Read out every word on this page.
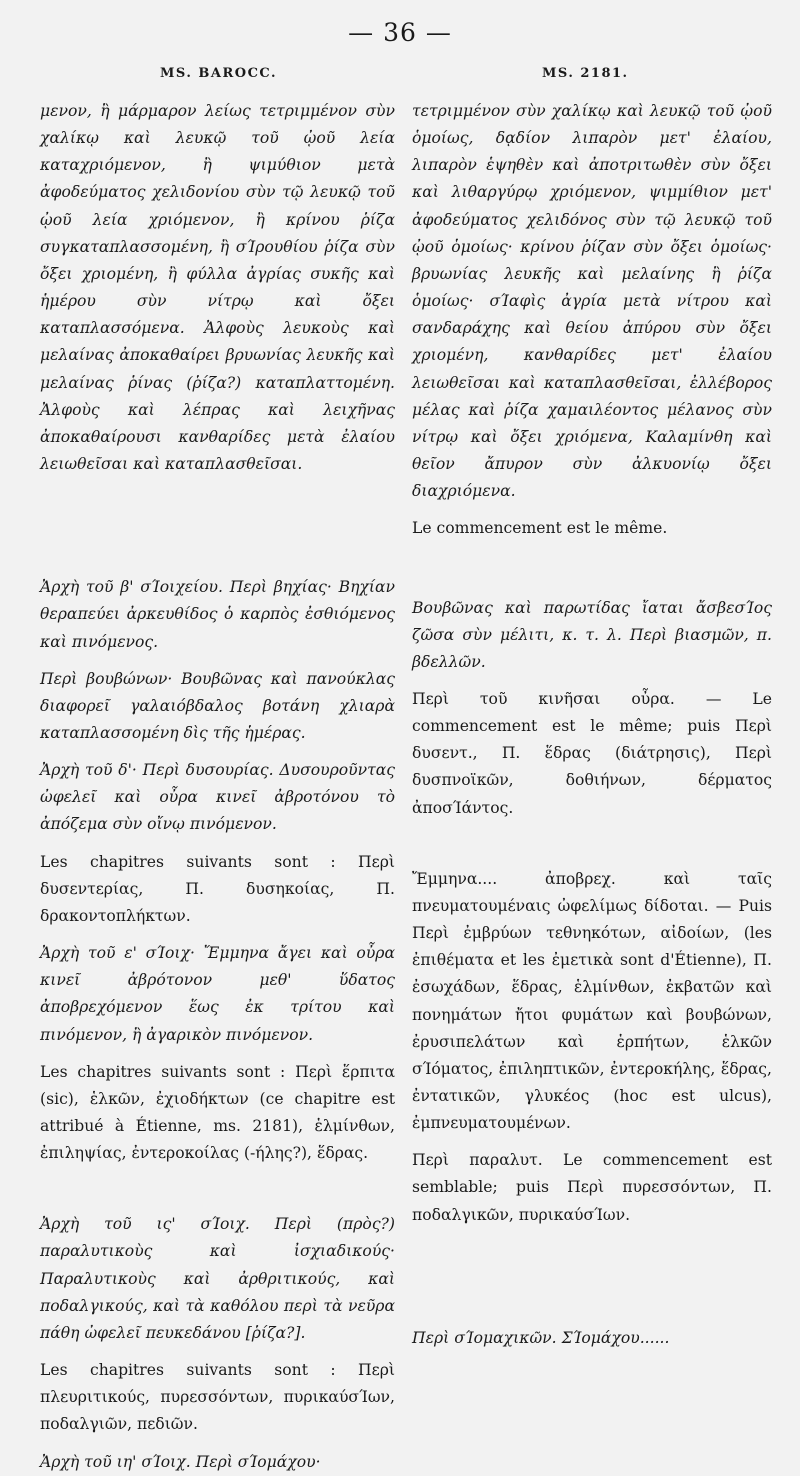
— 36 —
MS. BAROCC.	MS. 2181.

μενον, ἢ μάρμαρον λείως τετριμμένον σὺν χαλίκῳ καὶ λευκῷ τοῦ ᾠοῦ λεία καταχριόμενον, ἢ ψιμύθιον μετὰ ἀφοδεύματος χελιδονίου σὺν τῷ λευκῷ τοῦ ᾠοῦ λεία χριόμενον, ἢ κρίνου ῥίζα συγκαταπλασσομένη, ἢ σΊρουθίου ῥίζα σὺν ὄξει χριομένη, ἢ φύλλα ἀγρίας συκῆς καὶ ἡμέρου σὺν νίτρῳ καὶ ὄξει καταπλασσόμενα. Ἀλφοὺς λευκοὺς καὶ μελαίνας ἀποκαθαίρει βρυωνίας λευκῆς καὶ μελαίνας ῥίνας (ῥίζα?) καταπλαττομένη. Ἀλφοὺς καὶ λέπρας καὶ λειχῆνας ἀποκαθαίρουσι κανθαρίδες μετὰ ἐλαίου λειωθεῖσαι καὶ καταπλασθεῖσαι.

Ἀρχὴ τοῦ β' σΊοιχείου. Περὶ βηχίας· Βηχίαν θεραπεύει ἀρκευθίδος ὁ καρπὸς ἐσθιόμενος καὶ πινόμενος.

Περὶ βουβώνων· Βουβῶνας καὶ πανούκλας διαφορεῖ γαλαιόβδαλος βοτάνη χλιαρὰ καταπλασσομένη δὶς τῆς ἡμέρας.

Ἀρχὴ τοῦ δ'· Περὶ δυσουρίας. Δυσουροῦντας ὠφελεῖ καὶ οὖρα κινεῖ ἀβροτόνου τὸ ἀπόζεμα σὺν οἴνῳ πινόμενον.

Les chapitres suivants sont : Περὶ δυσεντερίας, Π. δυσηκοίας, Π. δρακοντοπλήκτων.

Ἀρχὴ τοῦ ε' σΊοιχ· Ἔμμηνα ἄγει καὶ οὖρα κινεῖ ἀβρότονον μεθ' ὕδατος ἀποβρεχόμενον ἕως ἐκ τρίτου καὶ πινόμενον, ἢ ἀγαρικὸν πινόμενον.

Les chapitres suivants sont : Περὶ ἕρπιτα (sic), ἑλκῶν, ἐχιοδήκτων (ce chapitre est attribué à Étienne, ms. 2181), ἑλμίνθων, ἐπιληψίας, ἐντεροκοίλας (-ήλης?), ἕδρας.

Ἀρχὴ τοῦ ις' σΊοιχ. Περὶ (πρὸς?) παραλυτικοὺς καὶ ἰσχιαδικούς· Παραλυτικοὺς καὶ ἀρθριτικούς, καὶ ποδαλγικούς, καὶ τὰ καθόλου περὶ τὰ νεῦρα πάθη ὠφελεῖ πευκεδάνου [ῥίζα?].

Les chapitres suivants sont : Περὶ πλευριτικούς, πυρεσσόντων, πυρικαύσΊων, ποδαλγιῶν, πεδιῶν.

Ἀρχὴ τοῦ ιη' σΊοιχ. Περὶ σΊομάχου·

τετριμμένον σὺν χαλίκῳ καὶ λευκῷ τοῦ ᾠοῦ ὁμοίως, δᾳδίον λιπαρὸν μετ' ἐλαίου, λιπαρὸν ἑψηθὲν καὶ ἀποτριτωθὲν σὺν ὄξει καὶ λιθαργύρῳ χριόμενον, ψιμμίθιον μετ' ἀφοδεύματος χελιδόνος σὺν τῷ λευκῷ τοῦ ᾠοῦ ὁμοίως· κρίνου ῥίζαν σὺν ὄξει ὁμοίως· βρυωνίας λευκῆς καὶ μελαίνης ἢ ῥίζα ὁμοίως· σΊαφὶς ἀγρία μετὰ νίτρου καὶ σανδαράχης καὶ θείου ἀπύρου σὺν ὄξει χριομένη, κανθαρίδες μετ' ἐλαίου λειωθεῖσαι καὶ καταπλασθεῖσαι, ἐλλέβορος μέλας καὶ ῥίζα χαμαιλέοντος μέλανος σὺν νίτρῳ καὶ ὄξει χριόμενα, Καλαμίνθη καὶ θεῖον ἄπυρον σὺν ἀλκυονίῳ ὄξει διαχριόμενα.

Le commencement est le même.

Βουβῶνας καὶ παρωτίδας ἴαται ἄσβεσΊος ζῶσα σὺν μέλιτι, κ. τ. λ. Περὶ βιασμῶν, π. βδελλῶν.

Περὶ τοῦ κινῆσαι οὖρα. — Le commencement est le même; puis Περὶ δυσεντ., Π. ἕδρας (διάτρησις), Περὶ δυσπνοϊκῶν, δοθιήνων, δέρματος ἀποσΊάντος.

Ἔμμηνα.... ἀποβρεχ. καὶ ταῖς πνευματουμέναις ὠφελίμως δίδοται. — Puis Περὶ ἐμβρύων τεθνηκότων, αἰδοίων, (les ἐπιθέματα et les ἐμετικὰ sont d'Étienne), Π. ἐσωχάδων, ἕδρας, ἑλμίνθων, ἐκβατῶν καὶ πονημάτων ἤτοι φυμάτων καὶ βουβώνων, ἐρυσιπελάτων καὶ ἑρπήτων, ἑλκῶν σΊόματος, ἐπιληπτικῶν, ἐντεροκήλης, ἕδρας, ἐντατικῶν, γλυκέος (hoc est ulcus), ἐμπνευματουμένων.

Περὶ παραλυτ. Le commencement est semblable; puis Περὶ πυρεσσόντων, Π. ποδαλγικῶν, πυρικαύσΊων.

Περὶ σΊομαχικῶν. ΣΊομάχου......
